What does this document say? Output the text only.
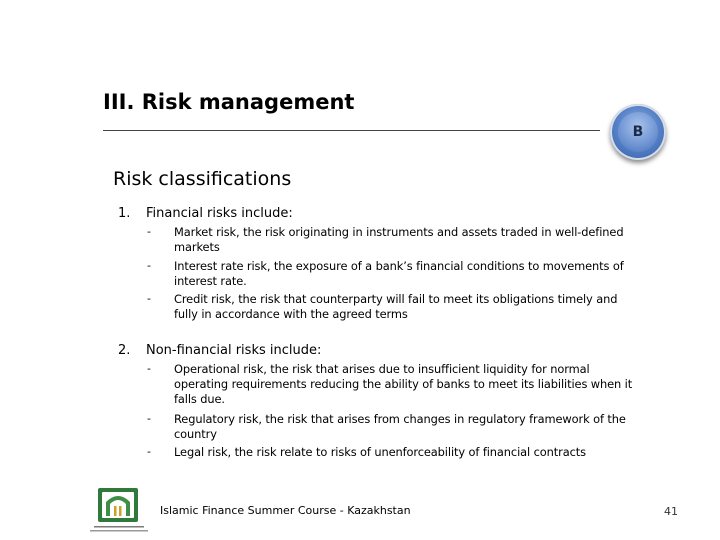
III. Risk management
B
Risk classifications
1. Financial risks include:
- Market risk, the risk originating in instruments and assets traded in well-defined markets
- Interest rate risk, the exposure of a bank’s financial conditions to movements of interest rate.
- Credit risk, the risk that counterparty will fail to meet its obligations timely and fully in accordance with the agreed terms
2. Non-financial risks include:
- Operational risk, the risk that arises due to insufficient liquidity for normal operating requirements reducing the ability of banks to meet its liabilities when it falls due.
- Regulatory risk, the risk that arises from changes in regulatory framework of the country
- Legal risk, the risk relate to risks of unenforceability of financial contracts
Islamic Finance Summer Course - Kazakhstan	41
